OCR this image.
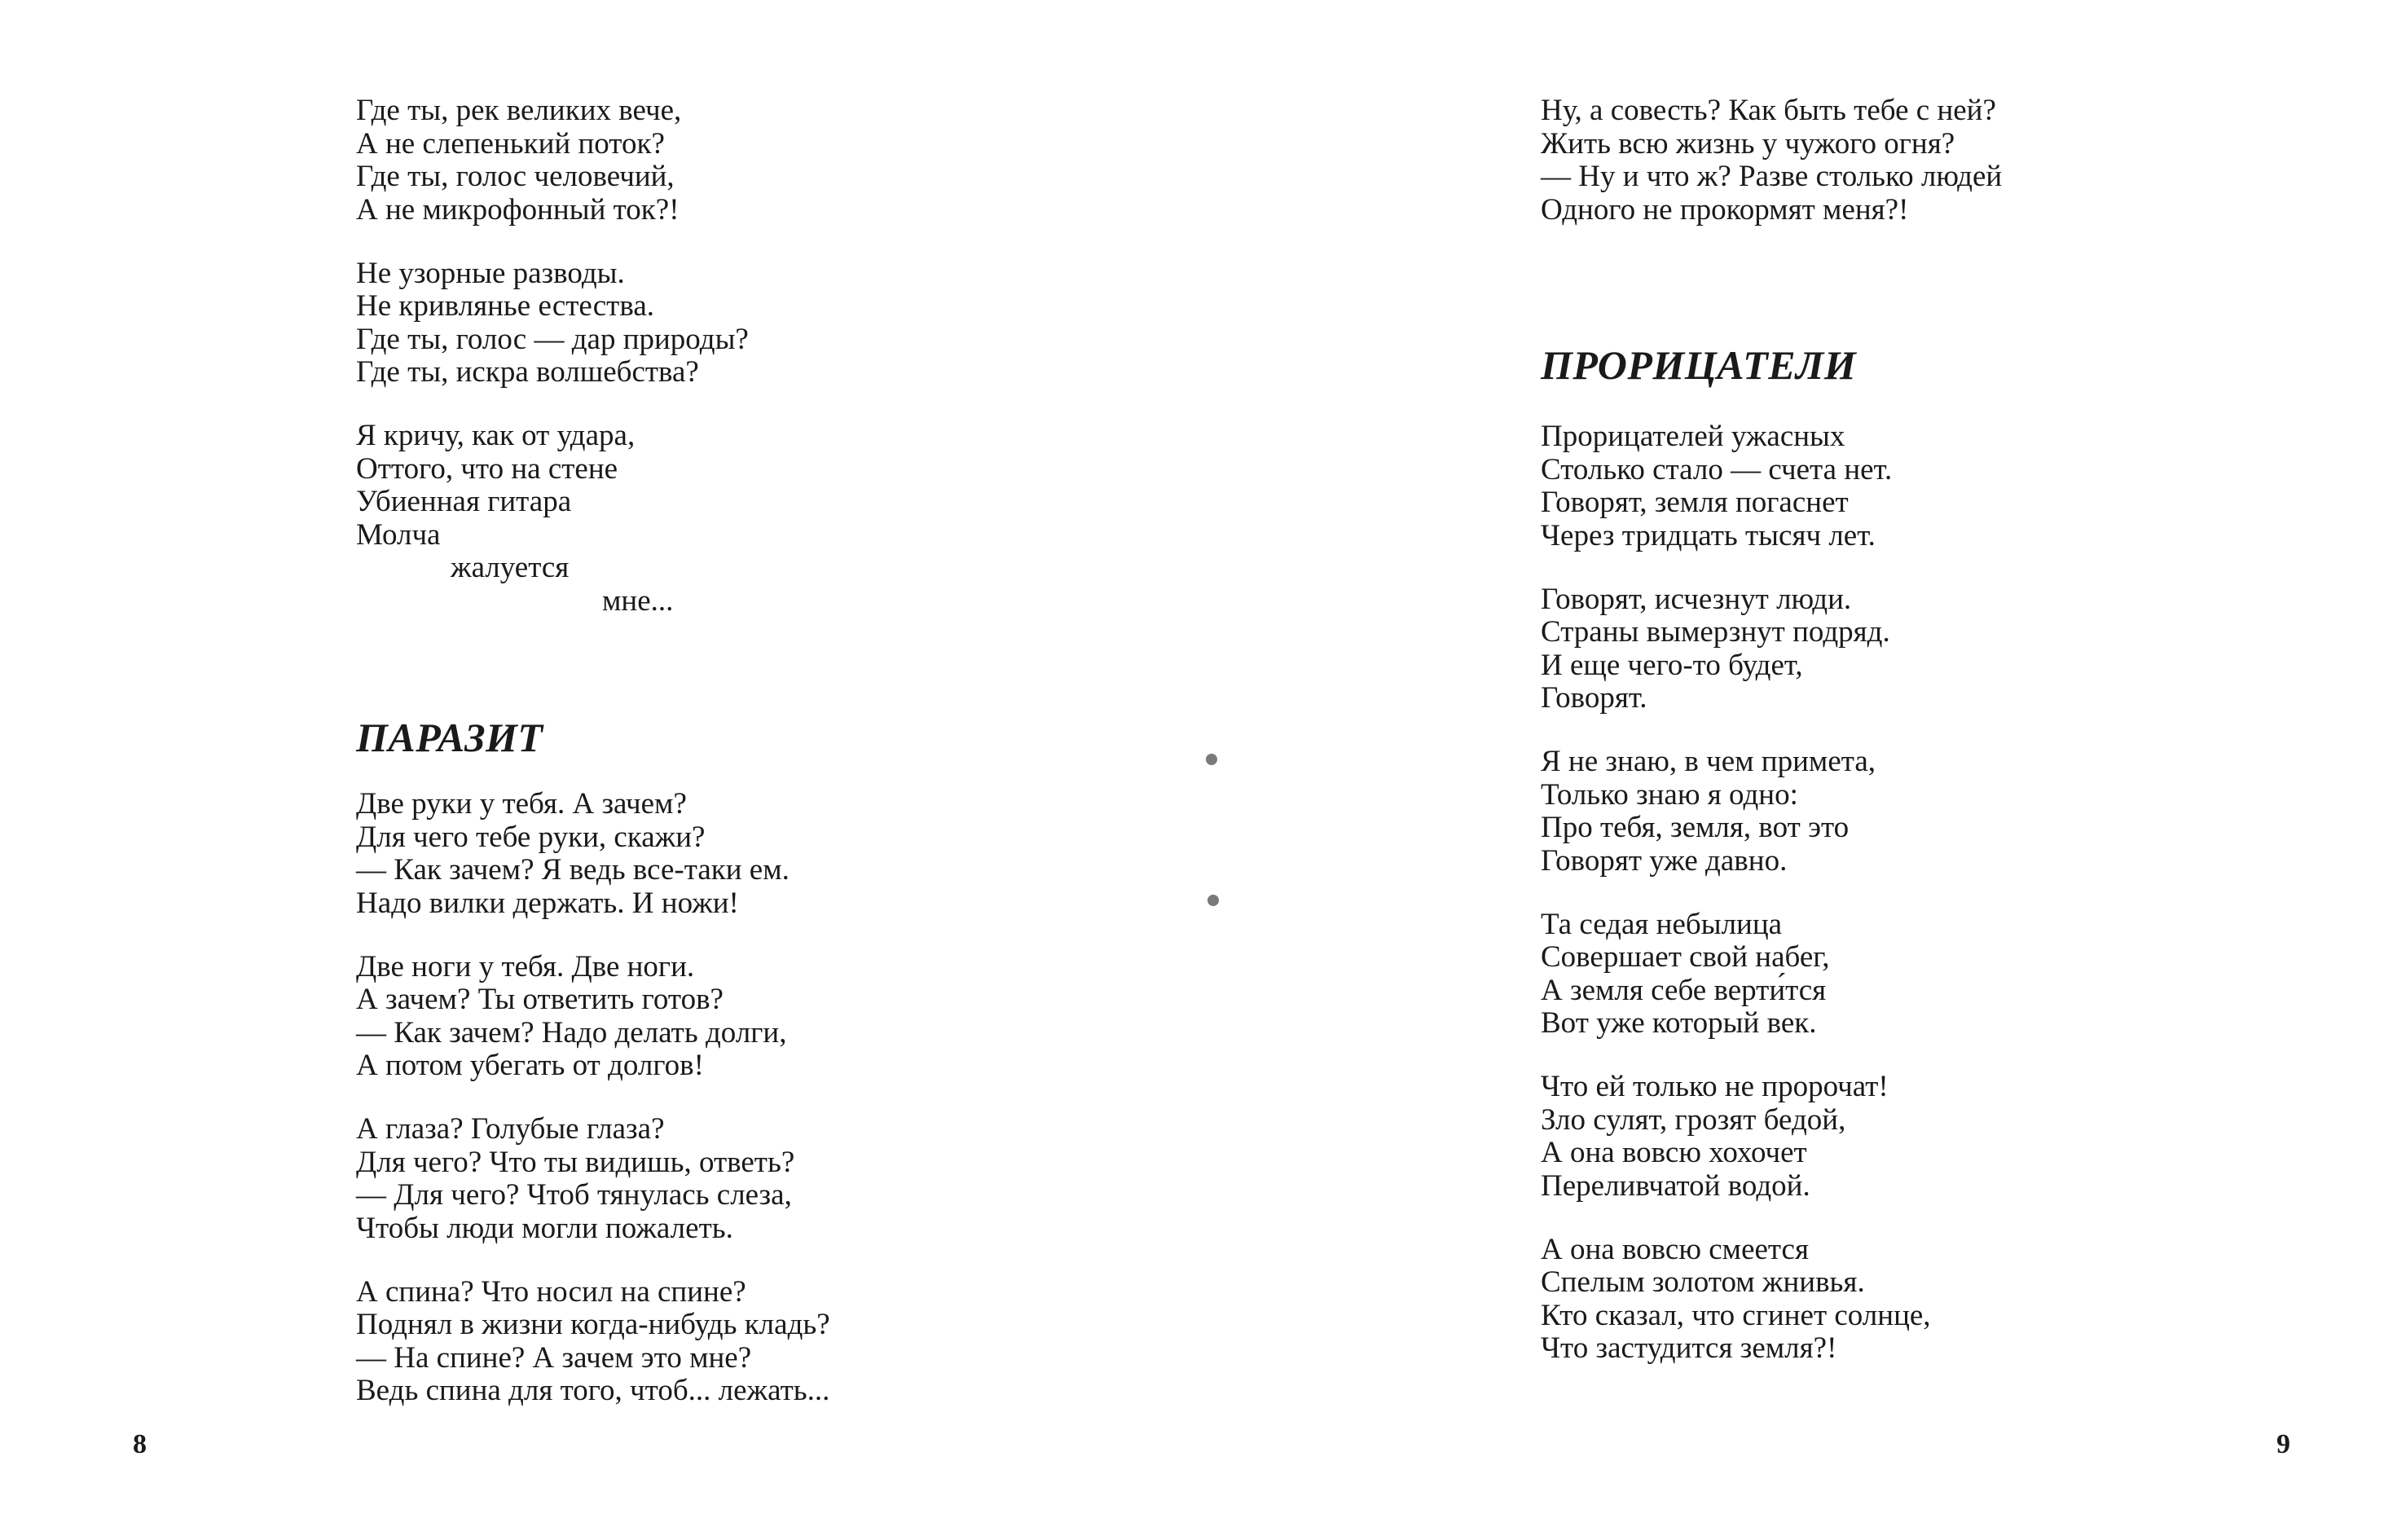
Где ты, рек великих вече,
А не слепенький поток?
Где ты, голос человечий,
А не микрофонный ток?!
Не узорные разводы.
Не кривлянье естества.
Где ты, голос — дар природы?
Где ты, искра волшебства?
Я кричу, как от удара,
Оттого, что на стене
Убиенная гитара
Молча
жалуется
мне...
ПАРАЗИТ
Две руки у тебя. А зачем?
Для чего тебе руки, скажи?
— Как зачем? Я ведь все-таки ем.
Надо вилки держать. И ножи!
Две ноги у тебя. Две ноги.
А зачем? Ты ответить готов?
— Как зачем? Надо делать долги,
А потом убегать от долгов!
А глаза? Голубые глаза?
Для чего? Что ты видишь, ответь?
— Для чего? Чтоб тянулась слеза,
Чтобы люди могли пожалеть.
А спина? Что носил на спине?
Поднял в жизни когда-нибудь кладь?
— На спине? А зачем это мне?
Ведь спина для того, чтоб... лежать...
8
Ну, а совесть? Как быть тебе с ней?
Жить всю жизнь у чужого огня?
— Ну и что ж? Разве столько людей
Одного не прокормят меня?!
ПРОРИЦАТЕЛИ
Прорицателей ужасных
Столько стало — счета нет.
Говорят, земля погаснет
Через тридцать тысяч лет.
Говорят, исчезнут люди.
Страны вымерзнут подряд.
И еще чего-то будет,
Говорят.
Я не знаю, в чем примета,
Только знаю я одно:
Про тебя, земля, вот это
Говорят уже давно.
Та седая небылица
Совершает свой набег,
А земля себе верти́тся
Вот уже который век.
Что ей только не пророчат!
Зло сулят, грозят бедой,
А она вовсю хохочет
Переливчатой водой.
А она вовсю смеется
Спелым золотом жнивья.
Кто сказал, что сгинет солнце,
Что застудится земля?!
9
